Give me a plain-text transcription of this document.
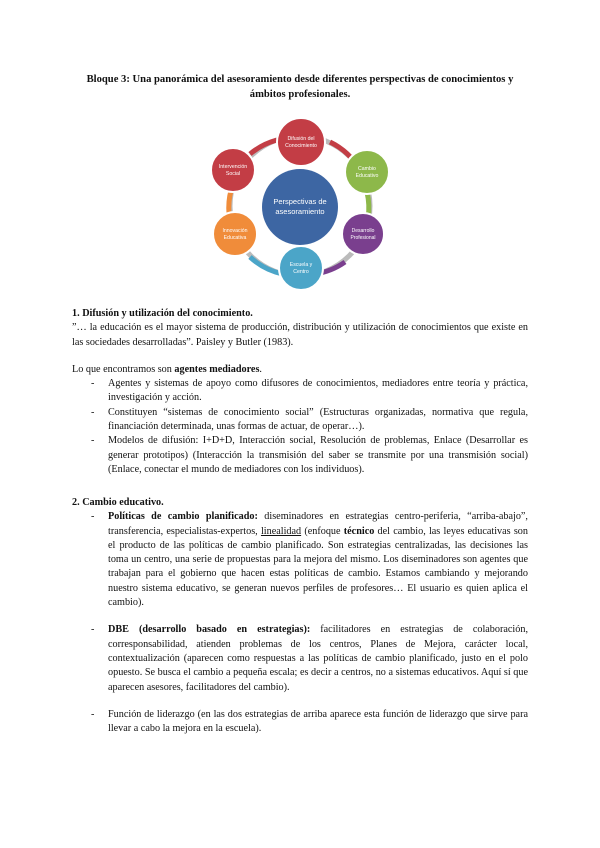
Bloque 3: Una panorámica del asesoramiento desde diferentes perspectivas de conocimientos y ámbitos profesionales.
Perspectivas de
asesoramiento
Difusión del
Conocimiento
Cambio
Educativo
Desarrollo
Profesional
Escuela y
Centro
Innovación
Educativa
Intervención
Social
1. Difusión y utilización del conocimiento.
”… la educación es el mayor sistema de producción, distribución y utilización de conocimientos que existe en las sociedades desarrolladas”. Paisley y Butler (1983).
Lo que encontramos son agentes mediadores.
- Agentes y sistemas de apoyo como difusores de conocimientos, mediadores entre teoría y práctica, investigación y acción.
- Constituyen “sistemas de conocimiento social” (Estructuras organizadas, normativa que regula, financiación determinada, unas formas de actuar, de operar…).
- Modelos de difusión: I+D+D, Interacción social, Resolución de problemas, Enlace (Desarrollar es generar prototipos) (Interacción la transmisión del saber se transmite por una transmisión social) (Enlace, conectar el mundo de mediadores con los individuos).
2. Cambio educativo.
- Políticas de cambio planificado: diseminadores en estrategias centro-periferia, “arriba-abajo”, transferencia, especialistas-expertos, linealidad (enfoque técnico del cambio, las leyes educativas son el producto de las políticas de cambio planificado. Son estrategias centralizadas, las decisiones las toma un centro, una serie de propuestas para la mejora del mismo. Los diseminadores son agentes que trabajan para el gobierno que hacen estas políticas de cambio. Estamos cambiando y mejorando nuestro sistema educativo, se generan nuevos perfiles de profesores… El usuario es quien aplica el cambio).
- DBE (desarrollo basado en estrategias): facilitadores en estrategias de colaboración, corresponsabilidad, atienden problemas de los centros, Planes de Mejora, carácter local, contextualización (aparecen como respuestas a las políticas de cambio planificado, justo en el polo opuesto. Se busca el cambio a pequeña escala; es decir a centros, no a sistemas educativos. Aquí sí que aparecen asesores, facilitadores del cambio).
- Función de liderazgo (en las dos estrategias de arriba aparece esta función de liderazgo que sirve para llevar a cabo la mejora en la escuela).
